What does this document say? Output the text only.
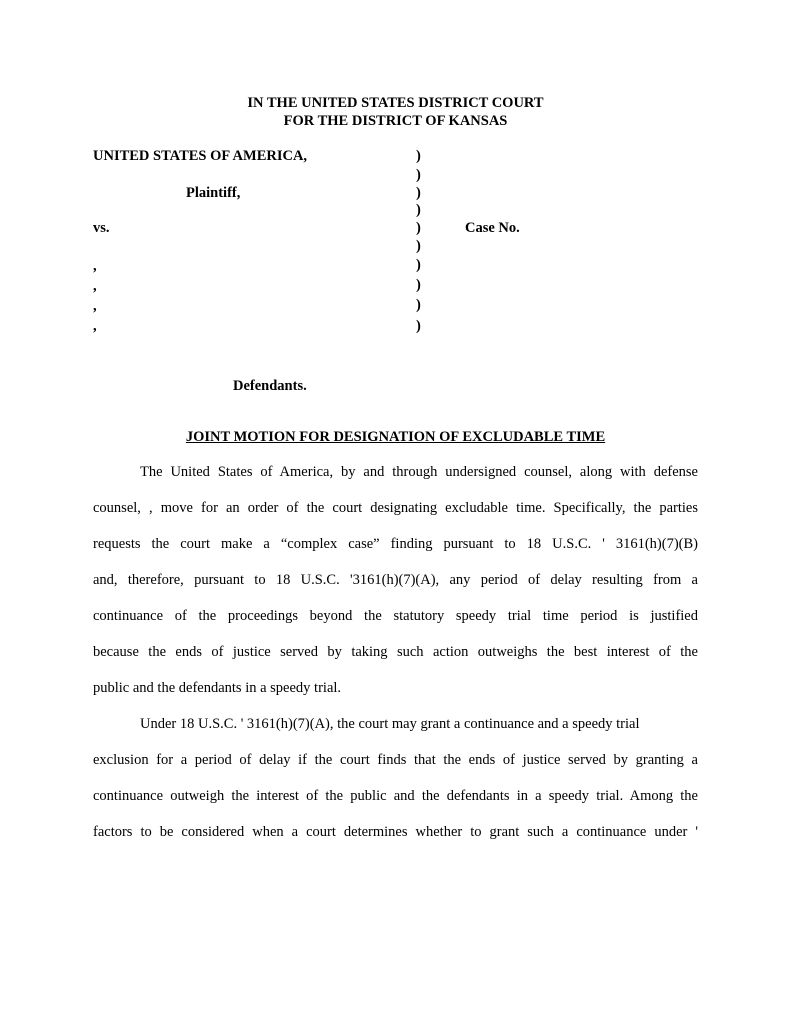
IN THE UNITED STATES DISTRICT COURT
FOR THE DISTRICT OF KANSAS
UNITED STATES OF AMERICA,
Plaintiff,
vs.
,
,
,
,
Defendants.
)
)
)
)
)
)
)
)
)
)
Case No.
JOINT MOTION FOR DESIGNATION OF EXCLUDABLE TIME

The United States of America, by and through undersigned counsel, along with defense
counsel, , move for an order of the court designating excludable time. Specifically, the parties
requests the court make a “complex case” finding pursuant to 18 U.S.C. ' 3161(h)(7)(B)
and, therefore, pursuant to 18 U.S.C. '3161(h)(7)(A), any period of delay resulting from a
continuance of the proceedings beyond the statutory speedy trial time period is justified
because the ends of justice served by taking such action outweighs the best interest of the
public and the defendants in a speedy trial.

Under 18 U.S.C. ' 3161(h)(7)(A), the court may grant a continuance and a speedy trial
exclusion for a period of delay if the court finds that the ends of justice served by granting a
continuance outweigh the interest of the public and the defendants in a speedy trial. Among the
factors to be considered when a court determines whether to grant such a continuance under '
